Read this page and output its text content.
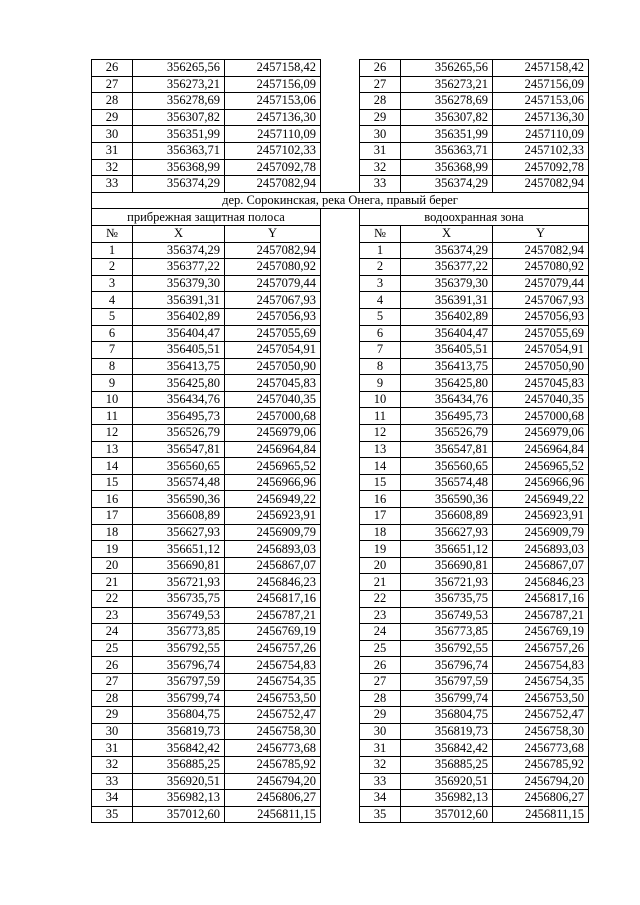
26	356265,56	2457158,42		26	356265,56	2457158,42
27	356273,21	2457156,09		27	356273,21	2457156,09
28	356278,69	2457153,06		28	356278,69	2457153,06
29	356307,82	2457136,30		29	356307,82	2457136,30
30	356351,99	2457110,09		30	356351,99	2457110,09
31	356363,71	2457102,33		31	356363,71	2457102,33
32	356368,99	2457092,78		32	356368,99	2457092,78
33	356374,29	2457082,94		33	356374,29	2457082,94
дер. Сорокинская, река Онега, правый берег						
прибрежная защитная полоса				водоохранная зона		
№	X	Y		№	X	Y
1	356374,29	2457082,94		1	356374,29	2457082,94
2	356377,22	2457080,92		2	356377,22	2457080,92
3	356379,30	2457079,44		3	356379,30	2457079,44
4	356391,31	2457067,93		4	356391,31	2457067,93
5	356402,89	2457056,93		5	356402,89	2457056,93
6	356404,47	2457055,69		6	356404,47	2457055,69
7	356405,51	2457054,91		7	356405,51	2457054,91
8	356413,75	2457050,90		8	356413,75	2457050,90
9	356425,80	2457045,83		9	356425,80	2457045,83
10	356434,76	2457040,35		10	356434,76	2457040,35
11	356495,73	2457000,68		11	356495,73	2457000,68
12	356526,79	2456979,06		12	356526,79	2456979,06
13	356547,81	2456964,84		13	356547,81	2456964,84
14	356560,65	2456965,52		14	356560,65	2456965,52
15	356574,48	2456966,96		15	356574,48	2456966,96
16	356590,36	2456949,22		16	356590,36	2456949,22
17	356608,89	2456923,91		17	356608,89	2456923,91
18	356627,93	2456909,79		18	356627,93	2456909,79
19	356651,12	2456893,03		19	356651,12	2456893,03
20	356690,81	2456867,07		20	356690,81	2456867,07
21	356721,93	2456846,23		21	356721,93	2456846,23
22	356735,75	2456817,16		22	356735,75	2456817,16
23	356749,53	2456787,21		23	356749,53	2456787,21
24	356773,85	2456769,19		24	356773,85	2456769,19
25	356792,55	2456757,26		25	356792,55	2456757,26
26	356796,74	2456754,83		26	356796,74	2456754,83
27	356797,59	2456754,35		27	356797,59	2456754,35
28	356799,74	2456753,50		28	356799,74	2456753,50
29	356804,75	2456752,47		29	356804,75	2456752,47
30	356819,73	2456758,30		30	356819,73	2456758,30
31	356842,42	2456773,68		31	356842,42	2456773,68
32	356885,25	2456785,92		32	356885,25	2456785,92
33	356920,51	2456794,20		33	356920,51	2456794,20
34	356982,13	2456806,27		34	356982,13	2456806,27
35	357012,60	2456811,15		35	357012,60	2456811,15
